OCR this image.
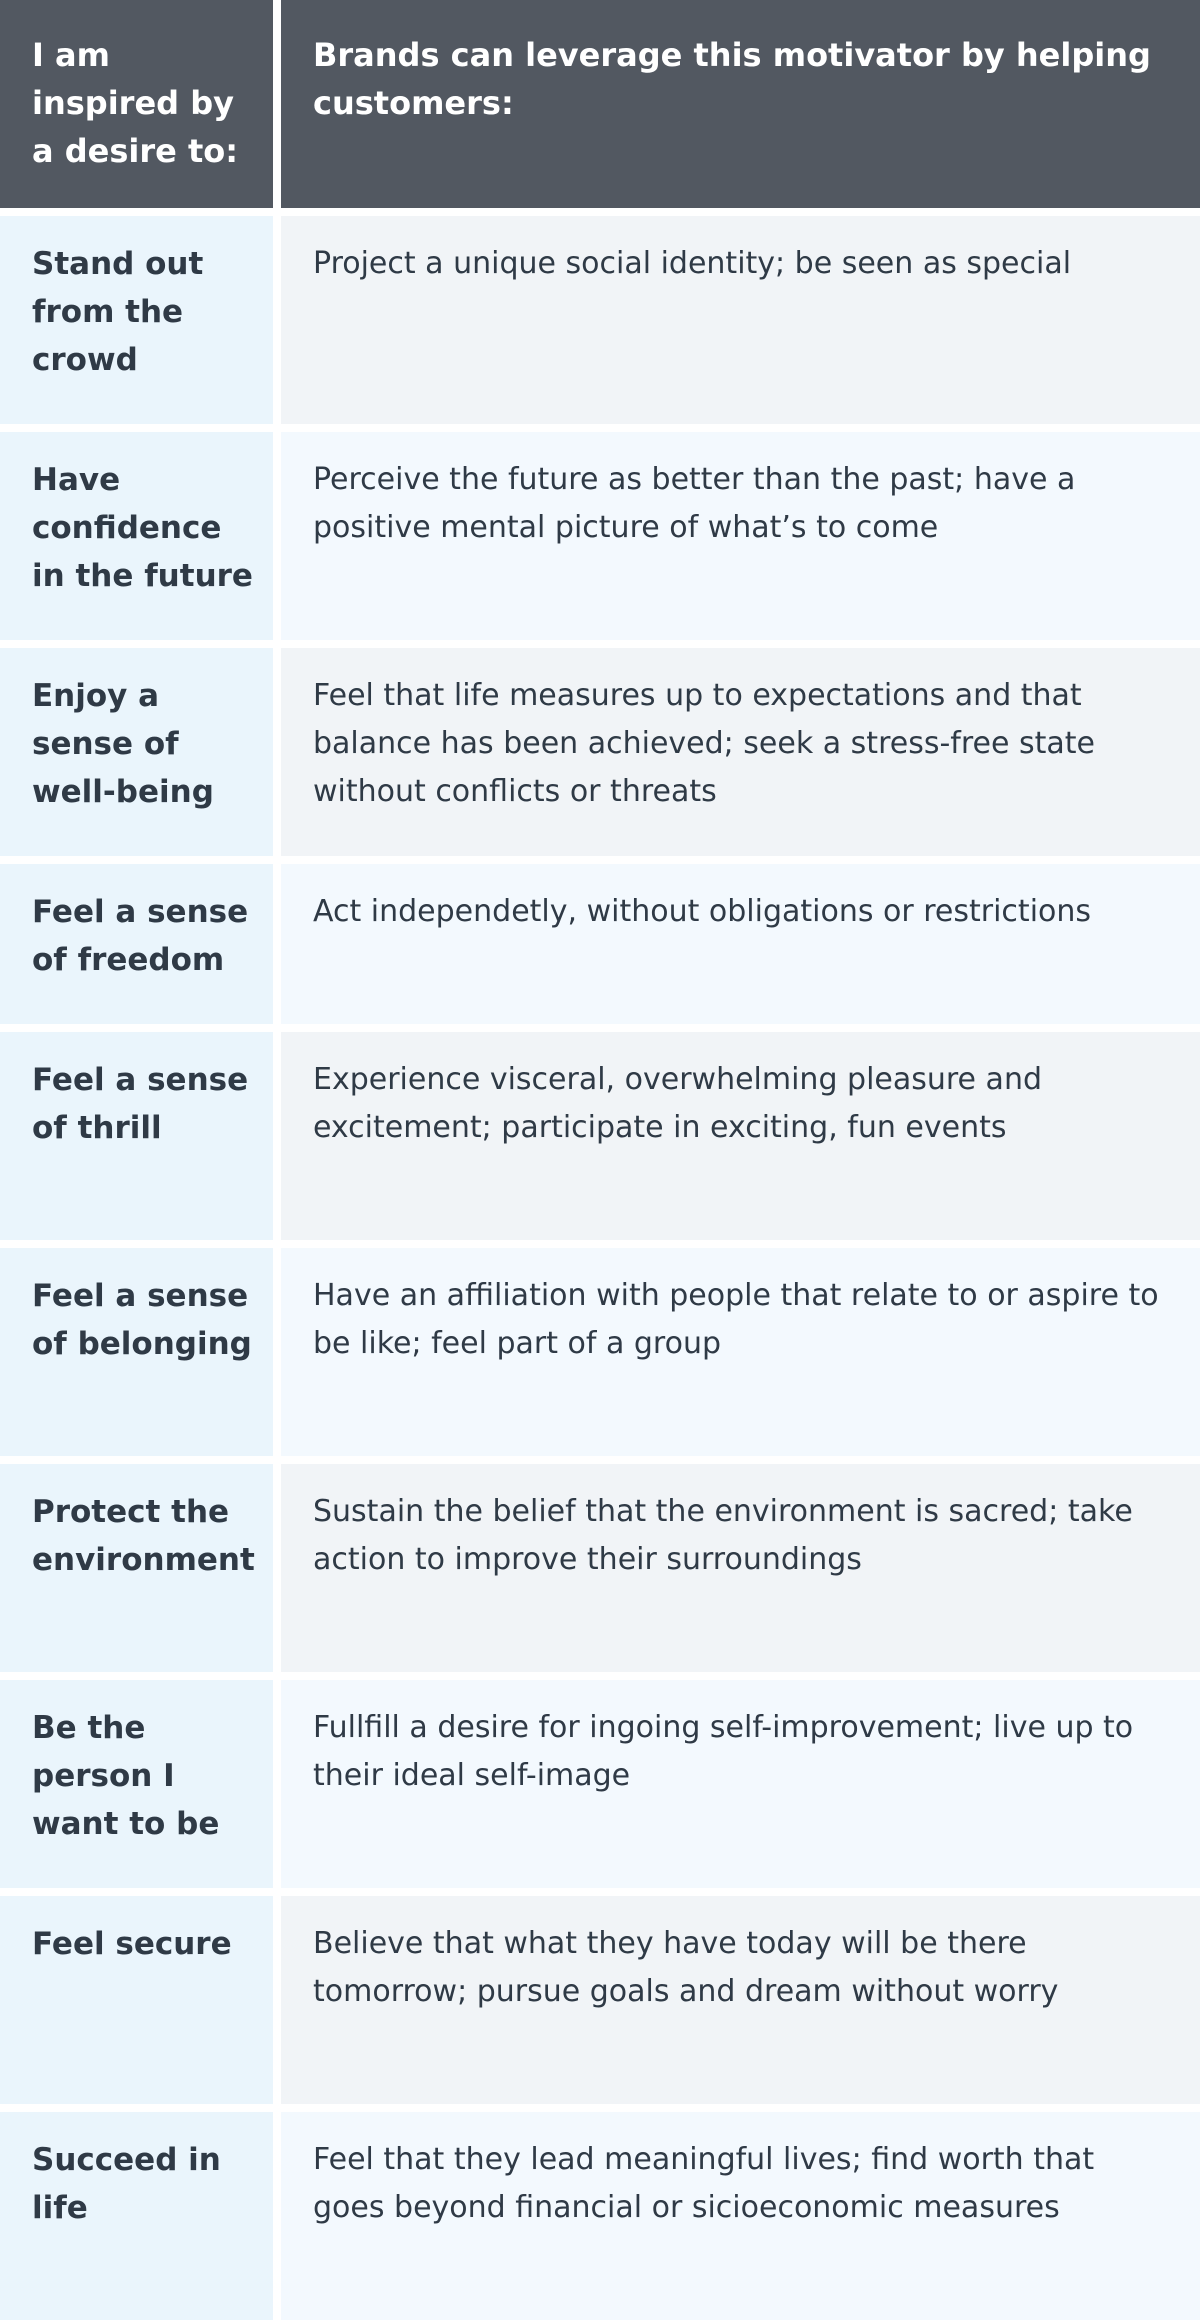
I am inspired by a desire to:
Brands can leverage this motivator by helping customers:
Stand out from the crowd
Project a unique social identity; be seen as special
Have confidence in the future
Perceive the future as better than the past; have a positive mental picture of what’s to come
Enjoy a sense of well-being
Feel that life measures up to expectations and that balance has been achieved; seek a stress-free state without conflicts or threats
Feel a sense of freedom
Act independetly, without obligations or restrictions
Feel a sense of thrill
Experience visceral, overwhelming pleasure and excitement; participate in exciting, fun events
Feel a sense of belonging
Have an affiliation with people that relate to or aspire to be like; feel part of a group
Protect the environment
Sustain the belief that the environment is sacred; take action to improve their surroundings
Be the person I want to be
Fullfill a desire for ingoing self-improvement; live up to their ideal self-image
Feel secure	Believe that what they have today will be there tomorrow; pursue goals and dream without worry
Succeed in life
Feel that they lead meaningful lives; find worth that goes beyond financial or sicioeconomic measures
